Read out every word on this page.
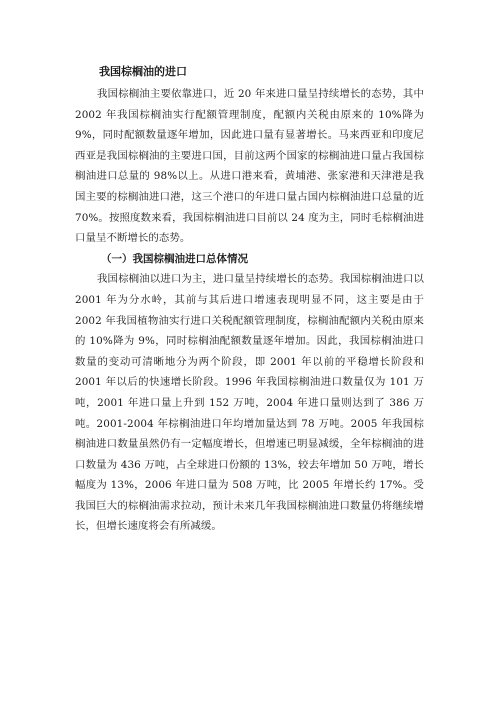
我国棕榈油的进口

我国棕榈油主要依靠进口，近 20 年来进口量呈持续增长的态势，其中 2002 年我国棕榈油实行配额管理制度，配额内关税由原来的 10%降为 9%，同时配额数量逐年增加，因此进口量有显著增长。马来西亚和印度尼西亚是我国棕榈油的主要进口国，目前这两个国家的棕榈油进口量占我国棕榈油进口总量的 98%以上。从进口港来看，黄埔港、张家港和天津港是我国主要的棕榈油进口港，这三个港口的年进口量占国内棕榈油进口总量的近 70%。按照度数来看，我国棕榈油进口目前以 24 度为主，同时毛棕榈油进口量呈不断增长的态势。

（一）我国棕榈油进口总体情况

我国棕榈油以进口为主，进口量呈持续增长的态势。我国棕榈油进口以 2001 年为分水岭，其前与其后进口增速表现明显不同，这主要是由于 2002 年我国植物油实行进口关税配额管理制度，棕榈油配额内关税由原来的 10%降为 9%，同时棕榈油配额数量逐年增加。因此，我国棕榈油进口数量的变动可清晰地分为两个阶段，即 2001 年以前的平稳增长阶段和 2001 年以后的快速增长阶段。1996 年我国棕榈油进口数量仅为 101 万吨，2001 年进口量上升到 152 万吨，2004 年进口量则达到了 386 万吨。2001-2004 年棕榈油进口年均增加量达到 78 万吨。2005 年我国棕榈油进口数量虽然仍有一定幅度增长，但增速已明显减缓，全年棕榈油的进口数量为 436 万吨，占全球进口份额的 13%，较去年增加 50 万吨，增长幅度为 13%，2006 年进口量为 508 万吨，比 2005 年增长约 17%。受我国巨大的棕榈油需求拉动，预计未来几年我国棕榈油进口数量仍将继续增长，但增长速度将会有所减缓。
